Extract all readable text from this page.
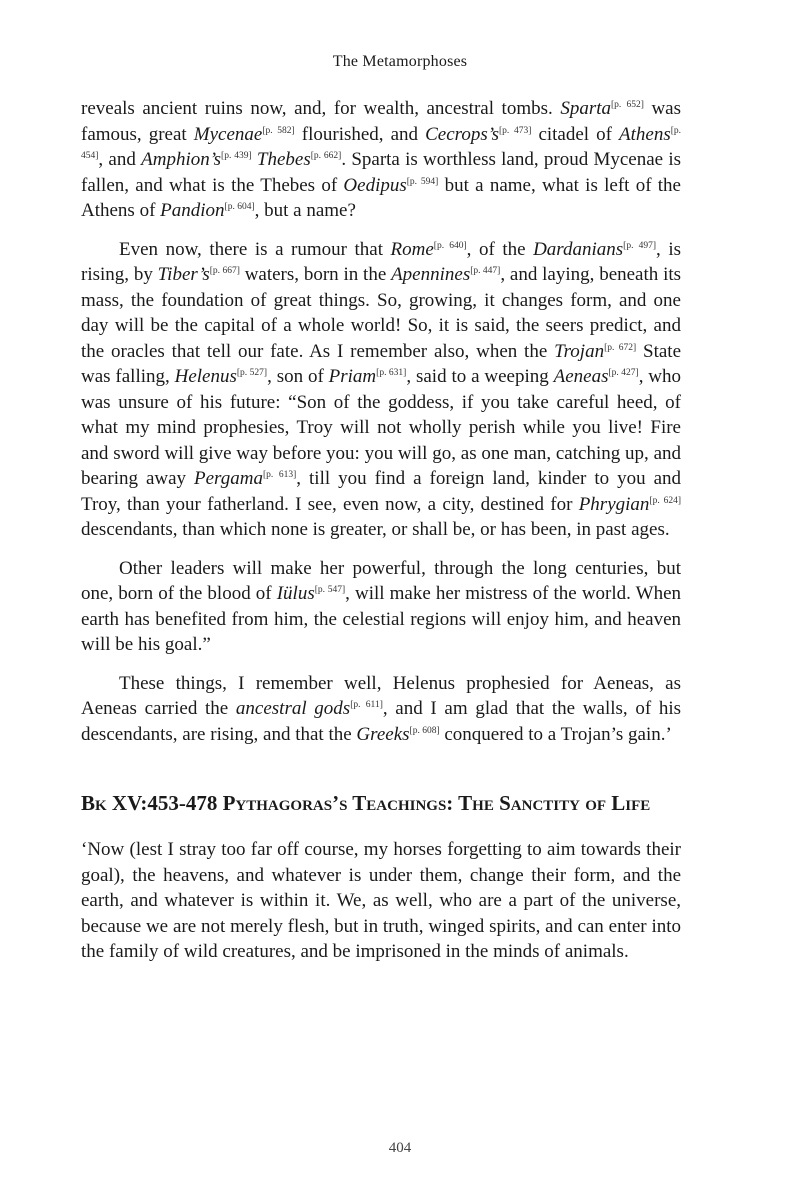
The Metamorphoses

reveals ancient ruins now, and, for wealth, ancestral tombs. Sparta[p. 652] was famous, great Mycenae[p. 582] flourished, and Cecrops’s[p. 473] citadel of Athens[p. 454], and Amphion’s[p. 439] Thebes[p. 662]. Sparta is worthless land, proud Mycenae is fallen, and what is the Thebes of Oedipus[p. 594] but a name, what is left of the Athens of Pandion[p. 604], but a name?

Even now, there is a rumour that Rome[p. 640], of the Dardanians[p. 497], is rising, by Tiber’s[p. 667] waters, born in the Apennines[p. 447], and laying, beneath its mass, the foundation of great things. So, growing, it changes form, and one day will be the capital of a whole world! So, it is said, the seers predict, and the oracles that tell our fate. As I remember also, when the Trojan[p. 672] State was falling, Helenus[p. 527], son of Priam[p. 631], said to a weeping Aeneas[p. 427], who was unsure of his future: “Son of the goddess, if you take careful heed, of what my mind prophesies, Troy will not wholly perish while you live! Fire and sword will give way before you: you will go, as one man, catching up, and bearing away Pergama[p. 613], till you find a foreign land, kinder to you and Troy, than your fatherland. I see, even now, a city, destined for Phrygian[p. 624] descendants, than which none is greater, or shall be, or has been, in past ages.

Other leaders will make her powerful, through the long centuries, but one, born of the blood of Iülus[p. 547], will make her mistress of the world. When earth has benefited from him, the celestial regions will enjoy him, and heaven will be his goal.”

These things, I remember well, Helenus prophesied for Aeneas, as Aeneas carried the ancestral gods[p. 611], and I am glad that the walls, of his descendants, are rising, and that the Greeks[p. 608] conquered to a Trojan’s gain.’

Bk XV:453-478 Pythagoras’s Teachings: The Sanctity of Life

‘Now (lest I stray too far off course, my horses forgetting to aim towards their goal), the heavens, and whatever is under them, change their form, and the earth, and whatever is within it. We, as well, who are a part of the universe, because we are not merely flesh, but in truth, winged spirits, and can enter into the family of wild creatures, and be imprisoned in the minds of animals.

404
